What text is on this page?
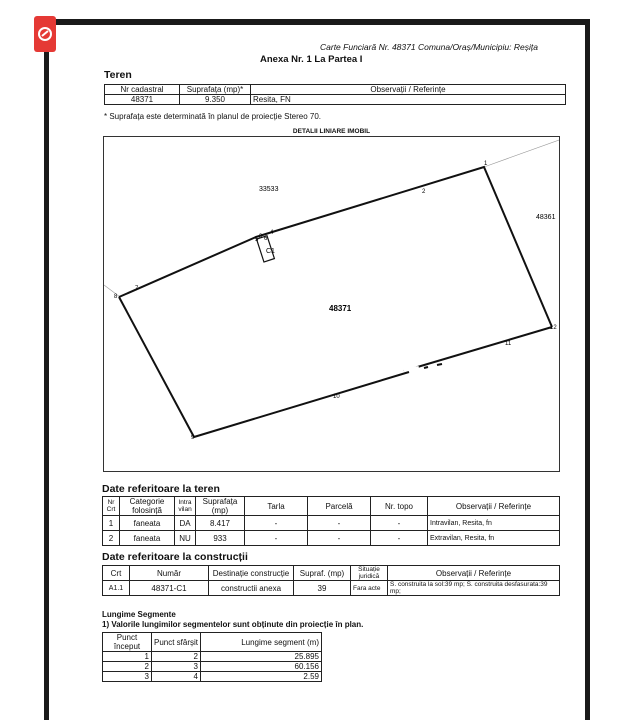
Carte Funciară Nr. 48371 Comuna/Oraș/Municipiu: Reșița
Anexa Nr. 1 La Partea I
Teren
Nr cadastral	Suprafața (mp)*	Observații / Referințe
48371	9.350	Resita, FN
* Suprafața este determinată în planul de proiecție Stereo 70.
DETALII LINIARE IMOBIL
C1
48371
33533
48361
1
2
3
4
5 6
7
8
9
10
11
12
Date referitoare la teren
Nr Crt	Categorie folosință	Intra vilan	Suprafața (mp)	Tarla	Parcelă	Nr. topo	Observații / Referințe
1	faneata	DA	8.417	-	-	-	Intravilan, Resita, fn
2	faneata	NU	933	-	-	-	Extravilan, Resita, fn
Date referitoare la construcții
Crt	Număr	Destinație construcție	Supraf. (mp)	Situație juridică	Observații / Referințe
A1.1	48371-C1	constructii anexa	39	Fara acte	S. construita la sol:39 mp; S. construita desfasurata:39 mp;
Lungime Segmente
1) Valorile lungimilor segmentelor sunt obținute din proiecție în plan.
Punct început	Punct sfârșit	Lungime segment (m)
1	2	25.895
2	3	60.156
3	4	2.59
